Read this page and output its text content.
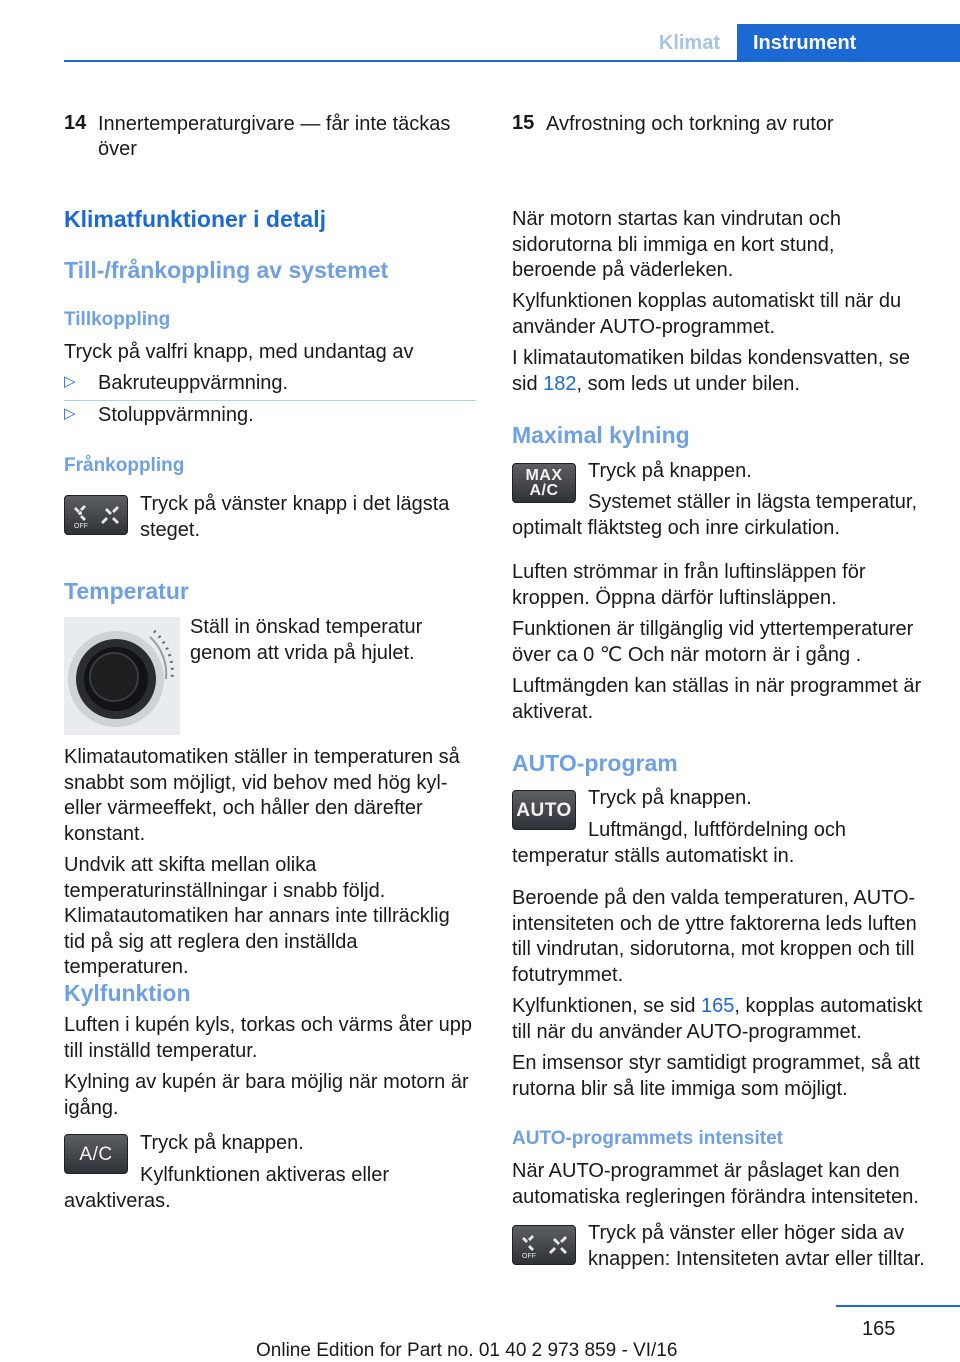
Klimat	Instrument
14 Innertemperaturgivare — får inte täckas över
Klimatfunktioner i detalj
Till-/frånkoppling av systemet
Tillkoppling

Tryck på valfri knapp, med undantag av

▷ Bakruteuppvärmning.
▷ Stoluppvärmning.
Frånkoppling
OFF

Tryck på vänster knapp i det lägsta steget.

Temperatur

Ställ in önskad temperatur genom att vrida på hjulet.

Klimatautomatiken ställer in temperaturen så snabbt som möjligt, vid behov med hög kyl- eller värmeeffekt, och håller den därefter konstant.

Undvik att skifta mellan olika temperaturinställningar i snabb följd. Klimatautomatiken har annars inte tillräcklig tid på sig att reglera den inställda temperaturen.

Kylfunktion

Luften i kupén kyls, torkas och värms åter upp till inställd temperatur.

Kylning av kupén är bara möjlig när motorn är igång.

A/C Tryck på knappen.

Kylfunktionen aktiveras eller avaktiveras.

15 Avfrostning och torkning av rutor

När motorn startas kan vindrutan och sidorutorna bli immiga en kort stund, beroende på väderleken.

Kylfunktionen kopplas automatiskt till när du använder AUTO-programmet.

I klimatautomatiken bildas kondensvatten, se sid 182, som leds ut under bilen.

Maximal kylning
MAX
A/C

Tryck på knappen.

Systemet ställer in lägsta temperatur, optimalt fläktsteg och inre cirkulation.

Luften strömmar in från luftinsläppen för kroppen. Öppna därför luftinsläppen.

Funktionen är tillgänglig vid yttertemperaturer över ca 0 ℃ Och när motorn är i gång .

Luftmängden kan ställas in när programmet är aktiverat.

AUTO-program
AUTO

Tryck på knappen.

Luftmängd, luftfördelning och temperatur ställs automatiskt in.

Beroende på den valda temperaturen, AUTO-intensiteten och de yttre faktorerna leds luften till vindrutan, sidorutorna, mot kroppen och till fotutrymmet.

Kylfunktionen, se sid 165, kopplas automatiskt till när du använder AUTO-programmet.

En imsensor styr samtidigt programmet, så att rutorna blir så lite immiga som möjligt.

AUTO-programmets intensitet

När AUTO-programmet är påslaget kan den automatiska regleringen förändra intensiteten.

OFF

Tryck på vänster eller höger sida av knappen: Intensiteten avtar eller tilltar.

165
Online Edition for Part no. 01 40 2 973 859 - VI/16
